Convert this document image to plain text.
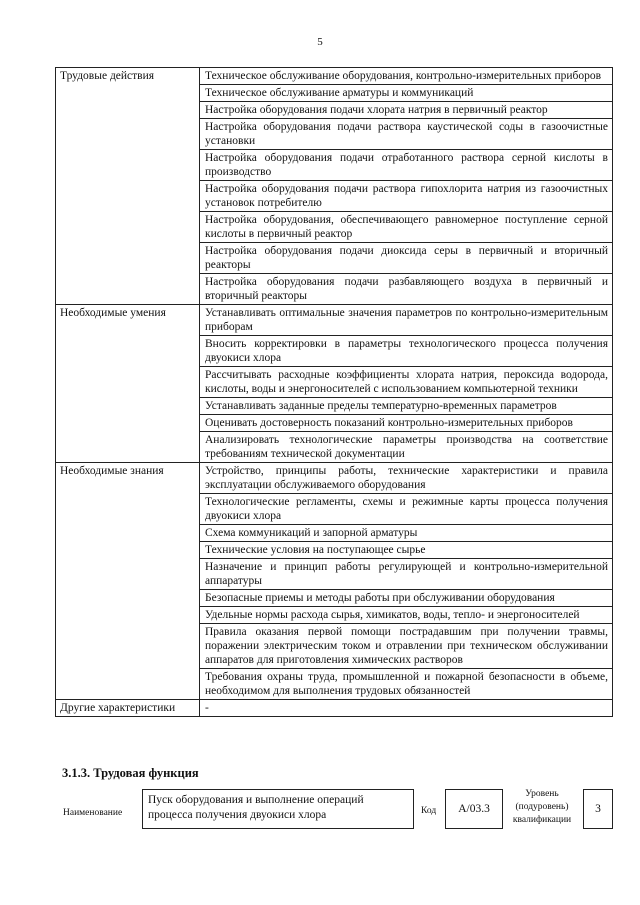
5
Трудовые действия	Техническое обслуживание оборудования, контрольно-измерительных приборов
	Техническое обслуживание арматуры и коммуникаций
	Настройка оборудования подачи хлората натрия в первичный реактор
	Настройка оборудования подачи раствора каустической соды в газоочистные установки
	Настройка оборудования подачи отработанного раствора серной кислоты в производство
	Настройка оборудования подачи раствора гипохлорита натрия из газоочистных установок потребителю
	Настройка оборудования, обеспечивающего равномерное поступление серной кислоты в первичный реактор
	Настройка оборудования подачи диоксида серы в первичный и вторичный реакторы
	Настройка оборудования подачи разбавляющего воздуха в первичный и вторичный реакторы
Необходимые умения	Устанавливать оптимальные значения параметров по контрольно-измерительным приборам
	Вносить корректировки в параметры технологического процесса получения двуокиси хлора
	Рассчитывать расходные коэффициенты хлората натрия, пероксида водорода, кислоты, воды и энергоносителей с использованием компьютерной техники
	Устанавливать заданные пределы температурно-временных параметров
	Оценивать достоверность показаний контрольно-измерительных приборов
	Анализировать технологические параметры производства на соответствие требованиям технической документации
Необходимые знания	Устройство, принципы работы, технические характеристики и правила эксплуатации обслуживаемого оборудования
	Технологические регламенты, схемы и режимные карты процесса получения двуокиси хлора
	Схема коммуникаций и запорной арматуры
	Технические условия на поступающее сырье
	Назначение и принцип работы регулирующей и контрольно-измерительной аппаратуры
	Безопасные приемы и методы работы при обслуживании оборудования
	Удельные нормы расхода сырья, химикатов, воды, тепло- и энергоносителей
	Правила оказания первой помощи пострадавшим при получении травмы, поражении электрическим током и отравлении при техническом обслуживании аппаратов для приготовления химических растворов
	Требования охраны труда, промышленной и пожарной безопасности в объеме, необходимом для выполнения трудовых обязанностей
Другие характеристики	-
3.1.3. Трудовая функция
Наименование
Пуск оборудования и выполнение операций процесса получения двуокиси хлора	Код	А/03.3
Уровень (подуровень) квалификации
3
